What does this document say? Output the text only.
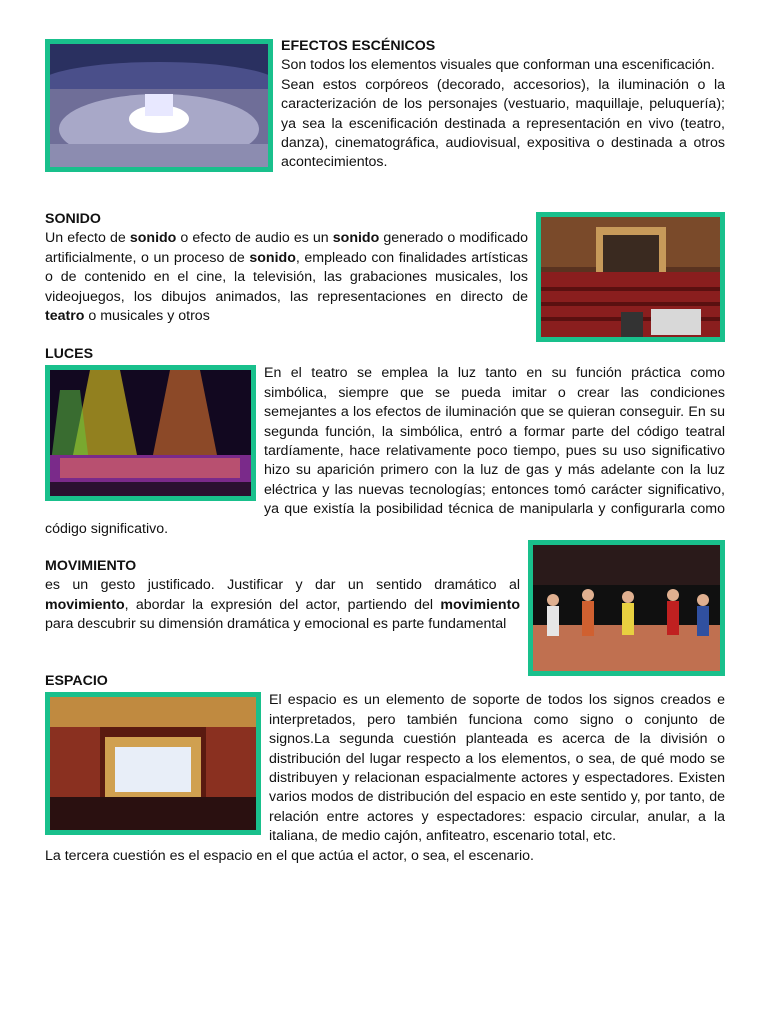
EFECTOS ESCÉNICOS

Son todos los elementos visuales que conforman una escenificación.

Sean estos corpóreos (decorado, accesorios), la iluminación o la caracterización de los personajes (vestuario, maquillaje, peluquería); ya sea la escenificación destinada a representación en vivo (teatro, danza), cinematográfica, audiovisual, expositiva o destinada a otros acontecimientos.

SONIDO

Un efecto de sonido o efecto de audio es un sonido generado o modificado artificialmente, o un proceso de sonido, empleado con finalidades artísticas o de contenido en el cine, la televisión, las grabaciones musicales, los videojuegos, los dibujos animados, las representaciones en directo de teatro o musicales y otros

LUCES

En el teatro se emplea la luz tanto en su función práctica como simbólica, siempre que se pueda imitar o crear las condiciones semejantes a los efectos de iluminación que se quieran conseguir. En su segunda función, la simbólica, entró a formar parte del código teatral tardíamente, hace relativamente poco tiempo, pues su uso significativo hizo su aparición primero con la luz de gas y más adelante con la luz eléctrica y las nuevas tecnologías; entonces tomó carácter significativo, ya que existía la posibilidad técnica de manipularla y configurarla como código significativo.

MOVIMIENTO

es un gesto justificado. Justificar y dar un sentido dramático al movimiento, abordar la expresión del actor, partiendo del movimiento para descubrir su dimensión dramática y emocional es parte fundamental

ESPACIO

El espacio es un elemento de soporte de todos los signos creados e interpretados, pero también funciona como signo o conjunto de signos.La segunda cuestión planteada es acerca de la división o distribución del lugar respecto a los elementos, o sea, de qué modo se distribuyen y relacionan espacialmente actores y espectadores. Existen varios modos de distribución del espacio en este sentido y, por tanto, de relación entre actores y espectadores: espacio circular, anular, a la italiana, de medio cajón, anfiteatro, escenario total, etc.

La tercera cuestión es el espacio en el que actúa el actor, o sea, el escenario.
